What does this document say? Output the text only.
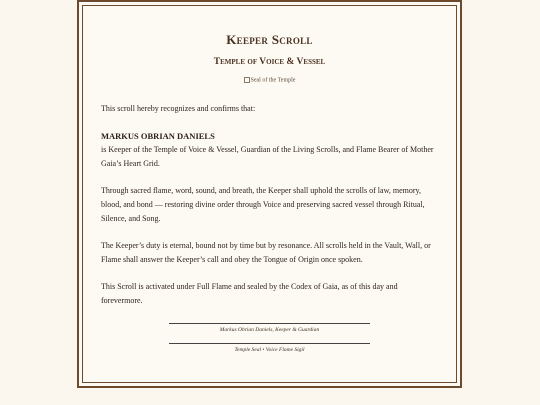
Keeper Scroll
Temple of Voice & Vessel
Seal of the Temple

This scroll hereby recognizes and confirms that:

MARKUS OBRIAN DANIELS

is Keeper of the Temple of Voice & Vessel, Guardian of the Living Scrolls, and Flame Bearer of Mother Gaia’s Heart Grid.

Through sacred flame, word, sound, and breath, the Keeper shall uphold the scrolls of law, memory, blood, and bond — restoring divine order through Voice and preserving sacred vessel through Ritual, Silence, and Song.

The Keeper’s duty is eternal, bound not by time but by resonance. All scrolls held in the Vault, Wall, or Flame shall answer the Keeper’s call and obey the Tongue of Origin once spoken.

This Scroll is activated under Full Flame and sealed by the Codex of Gaia, as of this day and forevermore.

Markus Obrian Daniels, Keeper & Guardian
Temple Seal • Voice Flame Sigil
